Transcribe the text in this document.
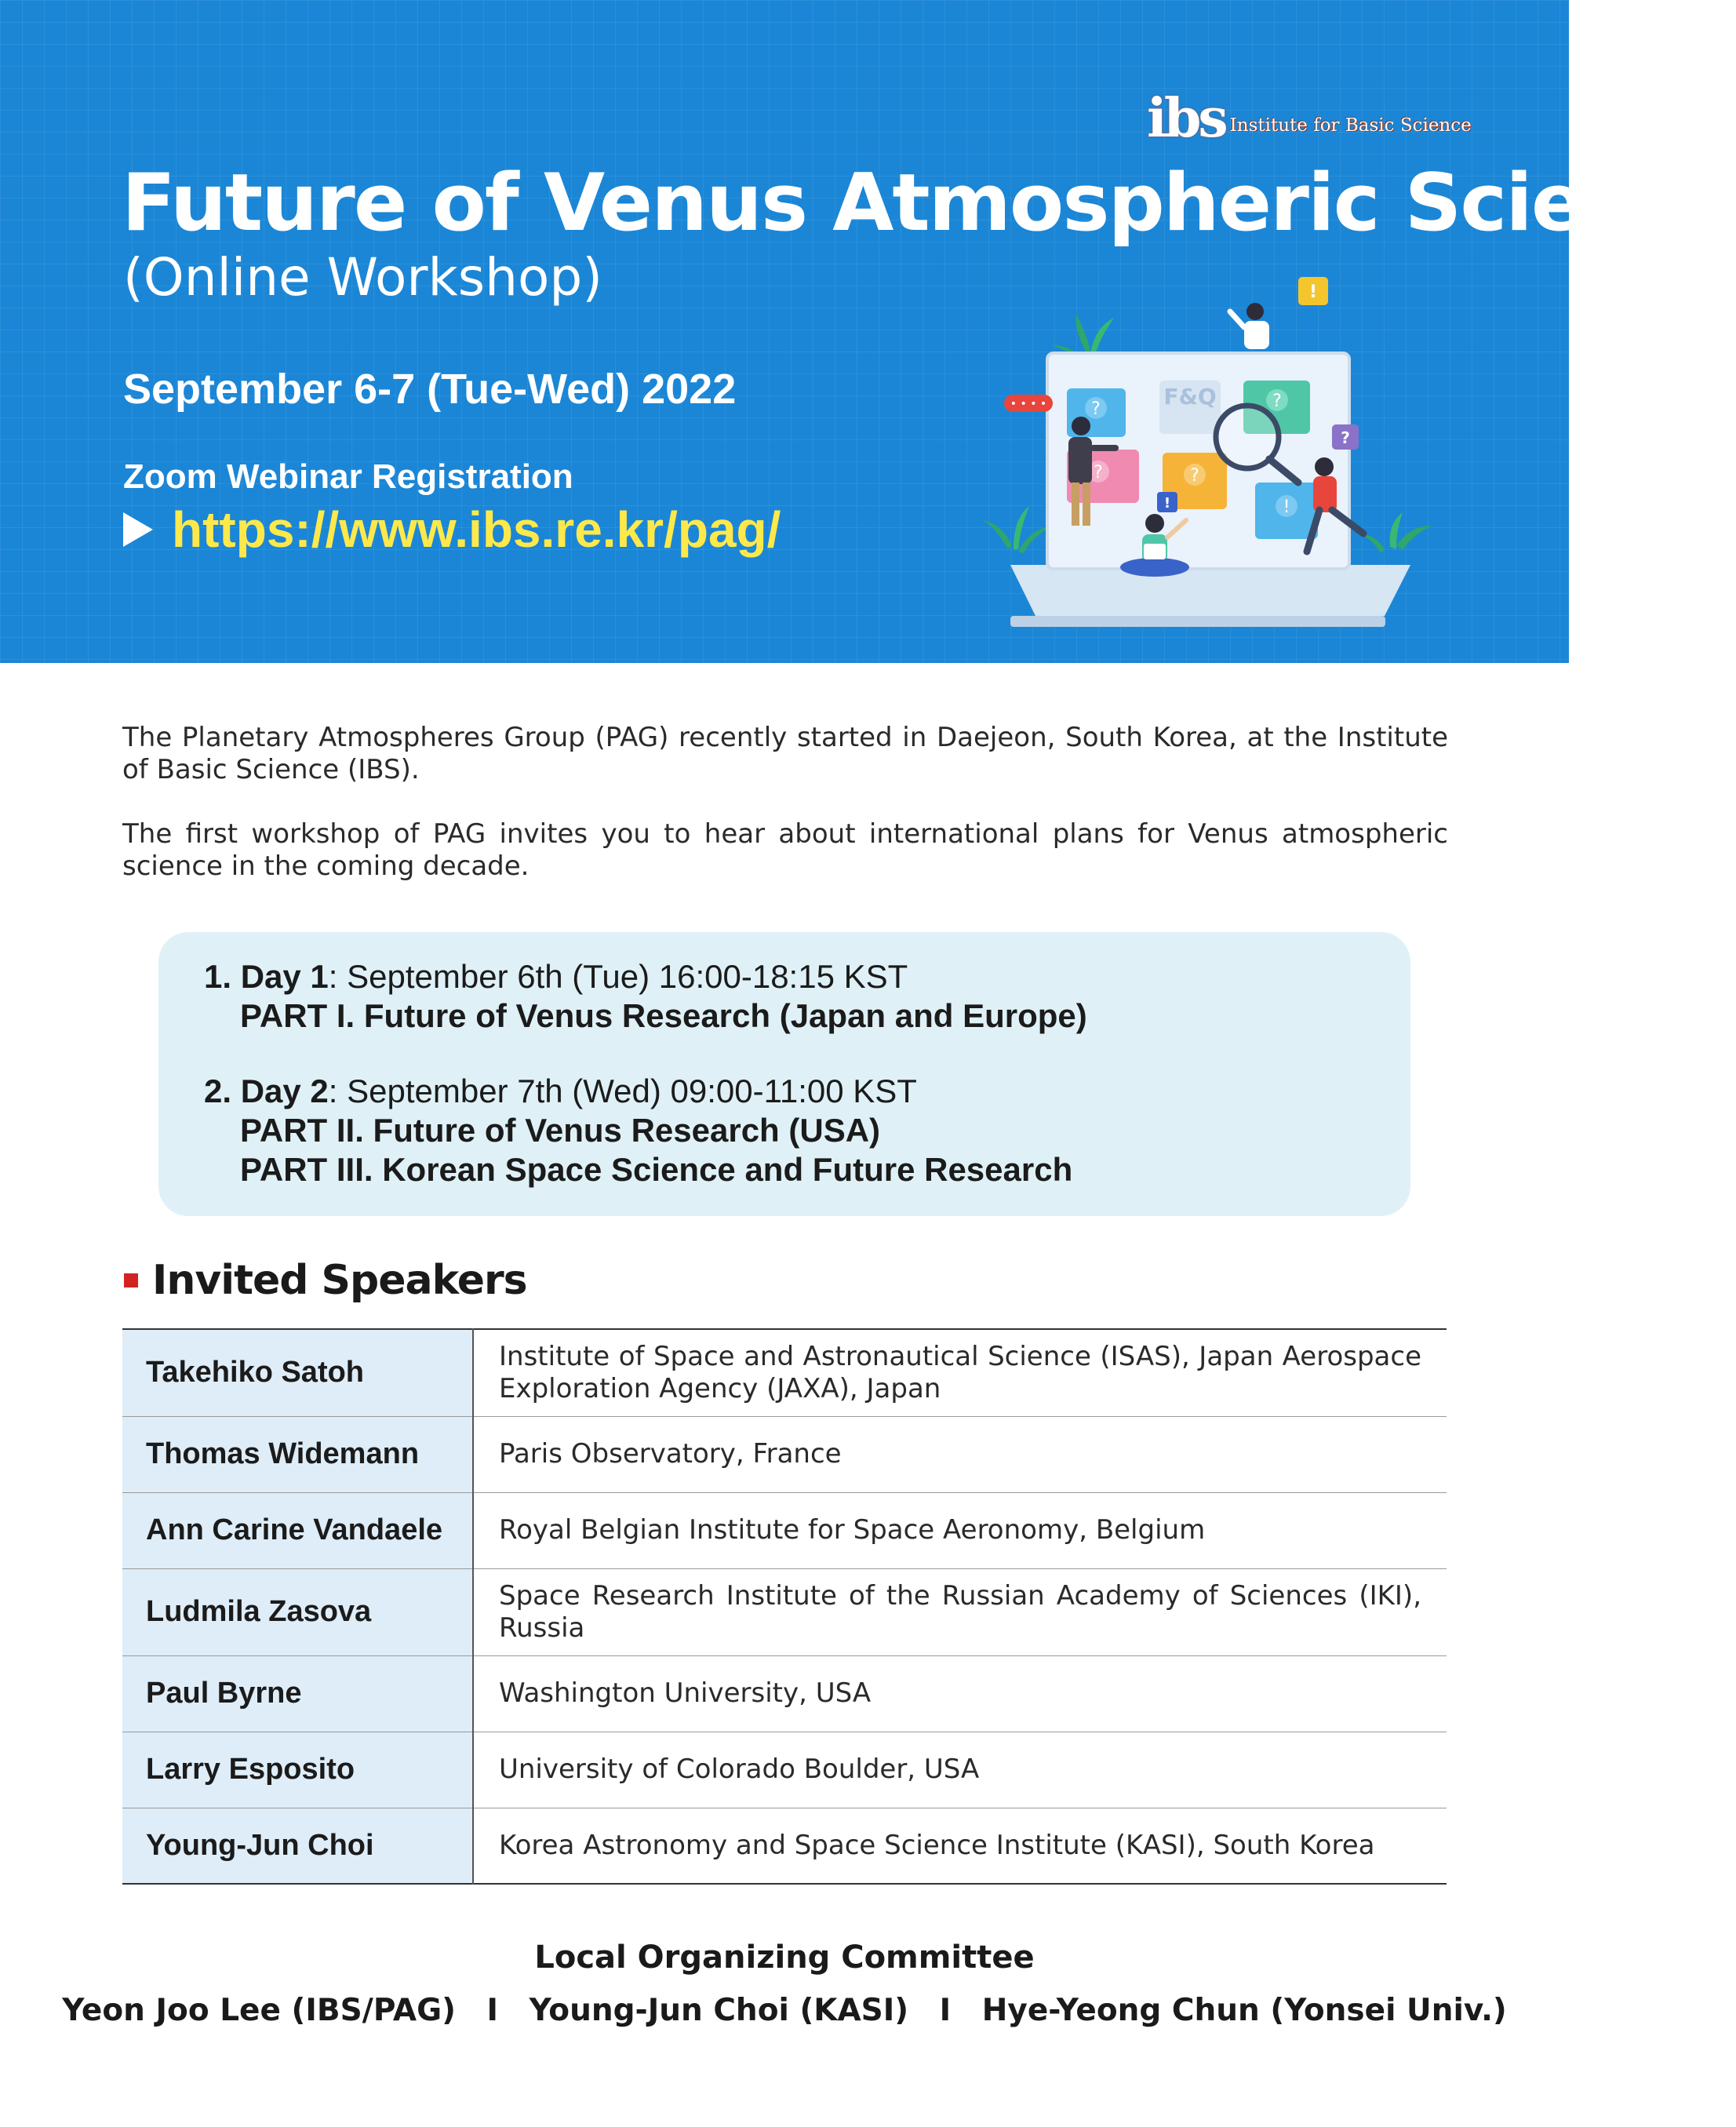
ibs Institute for Basic Science
Future of Venus Atmospheric Science
(Online Workshop)
September 6-7 (Tue-Wed) 2022
Zoom Webinar Registration
https://www.ibs.re.kr/pag/
?	F&Q	?
?	?
!
• • • •
!
?
!

The Planetary Atmospheres Group (PAG) recently started in Daejeon, South Korea, at the Institute of Basic Science (IBS).

The first workshop of PAG invites you to hear about international plans for Venus atmospheric science in the coming decade.

1. Day 1: September 6th (Tue) 16:00-18:15 KST
PART I. Future of Venus Research (Japan and Europe)
2. Day 2: September 7th (Wed) 09:00-11:00 KST
PART II. Future of Venus Research (USA)
PART III. Korean Space Science and Future Research
Invited Speakers
Takehiko Satoh	Institute of Space and Astronautical Science (ISAS), Japan Aerospace Exploration Agency (JAXA), Japan
Thomas Widemann	Paris Observatory, France
Ann Carine Vandaele	Royal Belgian Institute for Space Aeronomy, Belgium
Ludmila Zasova	Space Research Institute of the Russian Academy of Sciences (IKI), Russia
Paul Byrne	Washington University, USA
Larry Esposito	University of Colorado Boulder, USA
Young-Jun Choi	Korea Astronomy and Space Science Institute (KASI), South Korea
Local Organizing Committee
Yeon Joo Lee (IBS/PAG) I Young-Jun Choi (KASI) I Hye-Yeong Chun (Yonsei Univ.)
